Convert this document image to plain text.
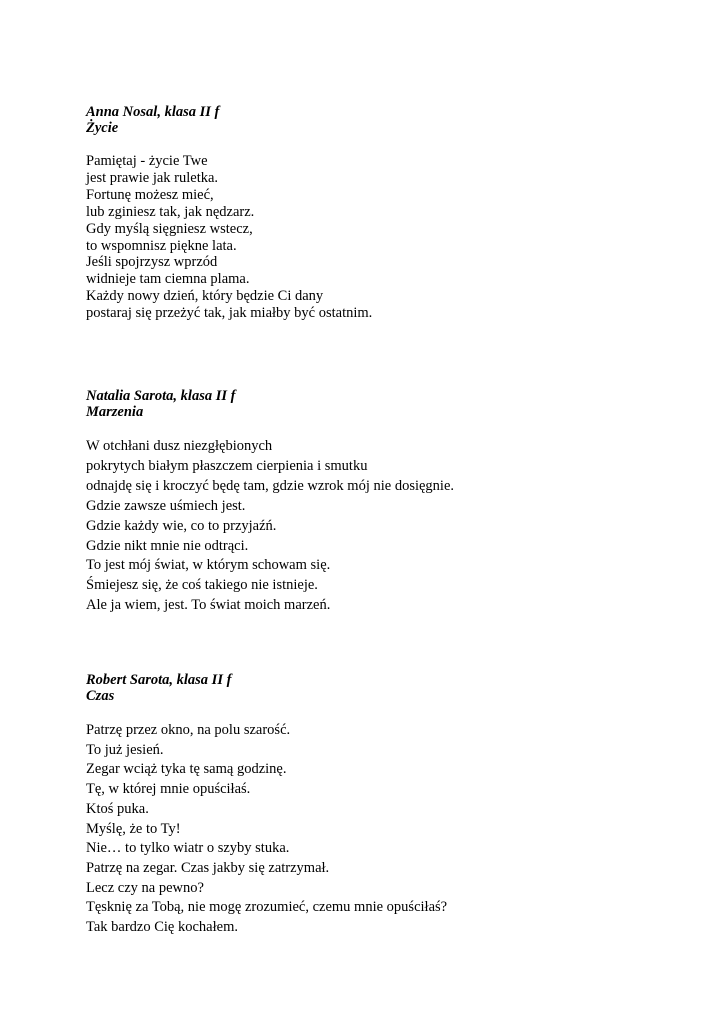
Anna Nosal, klasa II f
Życie
Pamiętaj - życie Twe
jest prawie jak ruletka.
Fortunę możesz mieć,
lub zginiesz tak, jak nędzarz.
Gdy myślą sięgniesz wstecz,
to wspomnisz piękne lata.
Jeśli spojrzysz wprzód
widnieje tam ciemna plama.
Każdy nowy dzień, który będzie Ci dany
postaraj się przeżyć tak, jak miałby być ostatnim.
Natalia Sarota, klasa II f
Marzenia
W otchłani dusz niezgłębionych
pokrytych białym płaszczem cierpienia i smutku
odnajdę się i kroczyć będę tam, gdzie wzrok mój nie dosięgnie.
Gdzie zawsze uśmiech jest.
Gdzie każdy wie, co to przyjaźń.
Gdzie nikt mnie nie odtrąci.
To jest mój świat, w którym schowam się.
Śmiejesz się, że coś takiego nie istnieje.
Ale ja wiem, jest. To świat moich marzeń.
Robert Sarota, klasa II f
Czas
Patrzę przez okno, na polu szarość.
To już jesień.
Zegar wciąż tyka tę samą godzinę.
Tę, w której mnie opuściłaś.
Ktoś puka.
Myślę, że to Ty!
Nie… to tylko wiatr o szyby stuka.
Patrzę na zegar. Czas jakby się zatrzymał.
Lecz czy na pewno?
Tęsknię za Tobą, nie mogę zrozumieć, czemu mnie opuściłaś?
Tak bardzo Cię kochałem.
